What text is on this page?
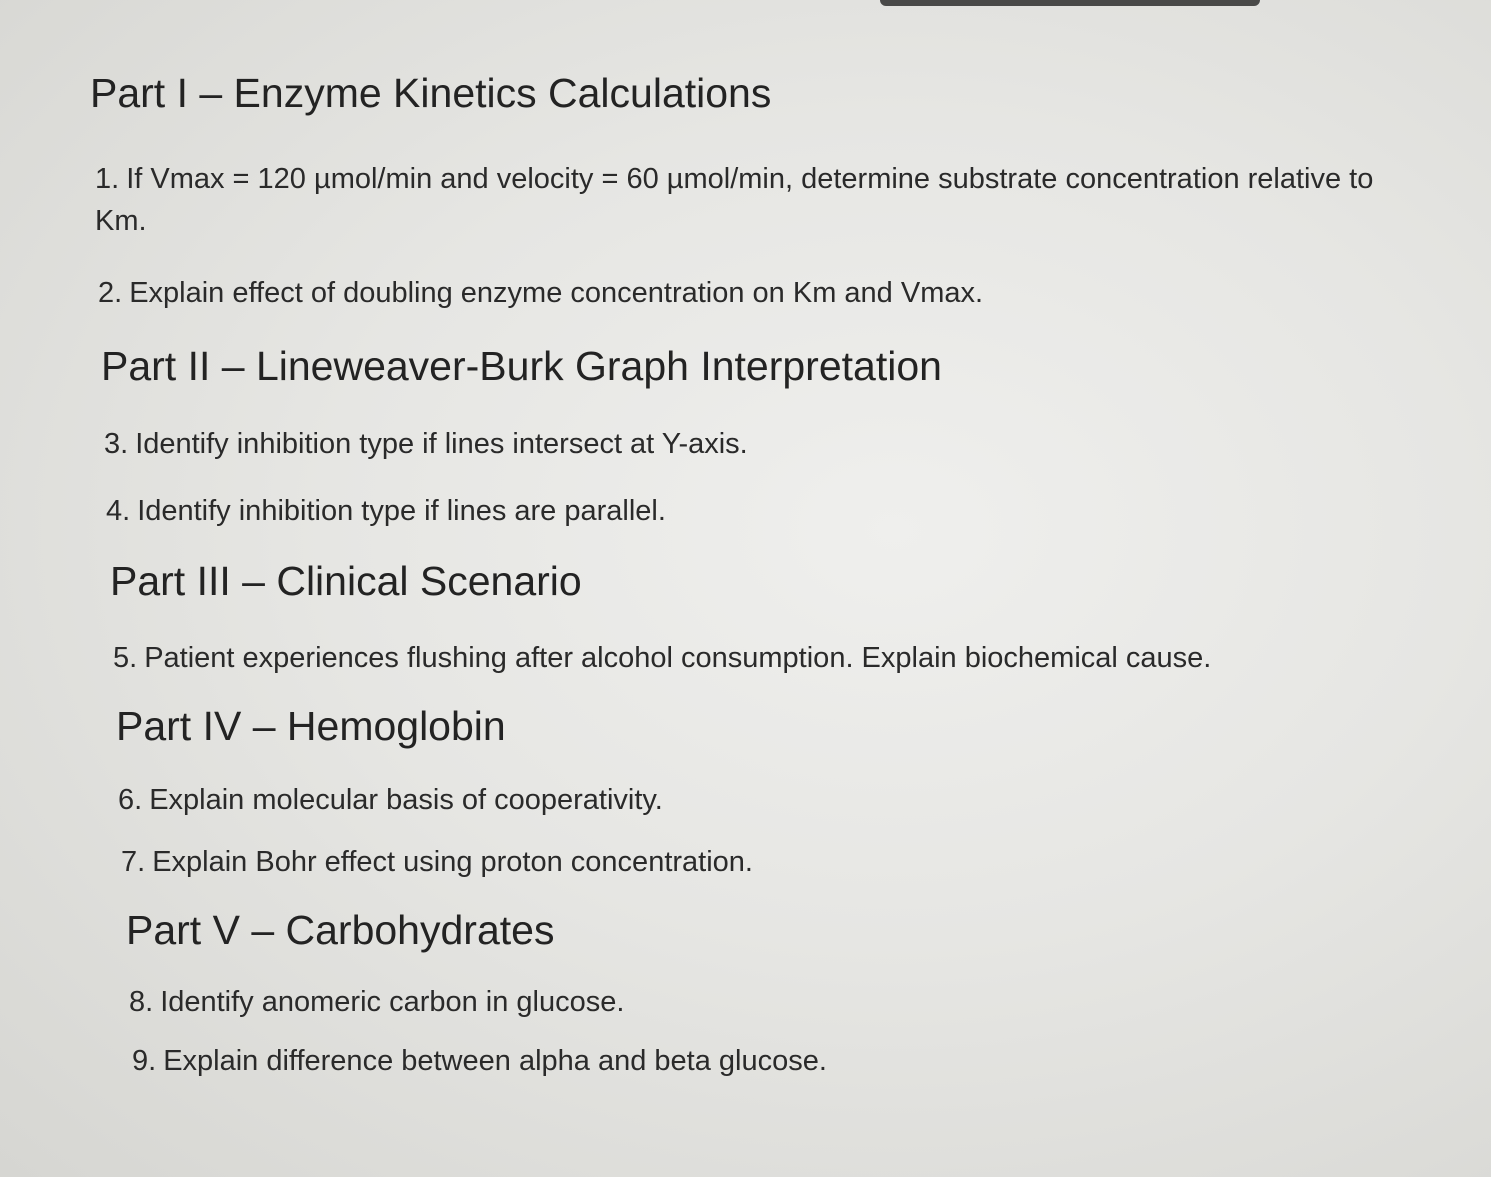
Part I – Enzyme Kinetics Calculations

1. If Vmax = 120 µmol/min and velocity = 60 µmol/min, determine substrate concentration relative to Km.

2. Explain effect of doubling enzyme concentration on Km and Vmax.

Part II – Lineweaver-Burk Graph Interpretation

3. Identify inhibition type if lines intersect at Y-axis.

4. Identify inhibition type if lines are parallel.

Part III – Clinical Scenario

5. Patient experiences flushing after alcohol consumption. Explain biochemical cause.

Part IV – Hemoglobin

6. Explain molecular basis of cooperativity.

7. Explain Bohr effect using proton concentration.

Part V – Carbohydrates

8. Identify anomeric carbon in glucose.

9. Explain difference between alpha and beta glucose.
